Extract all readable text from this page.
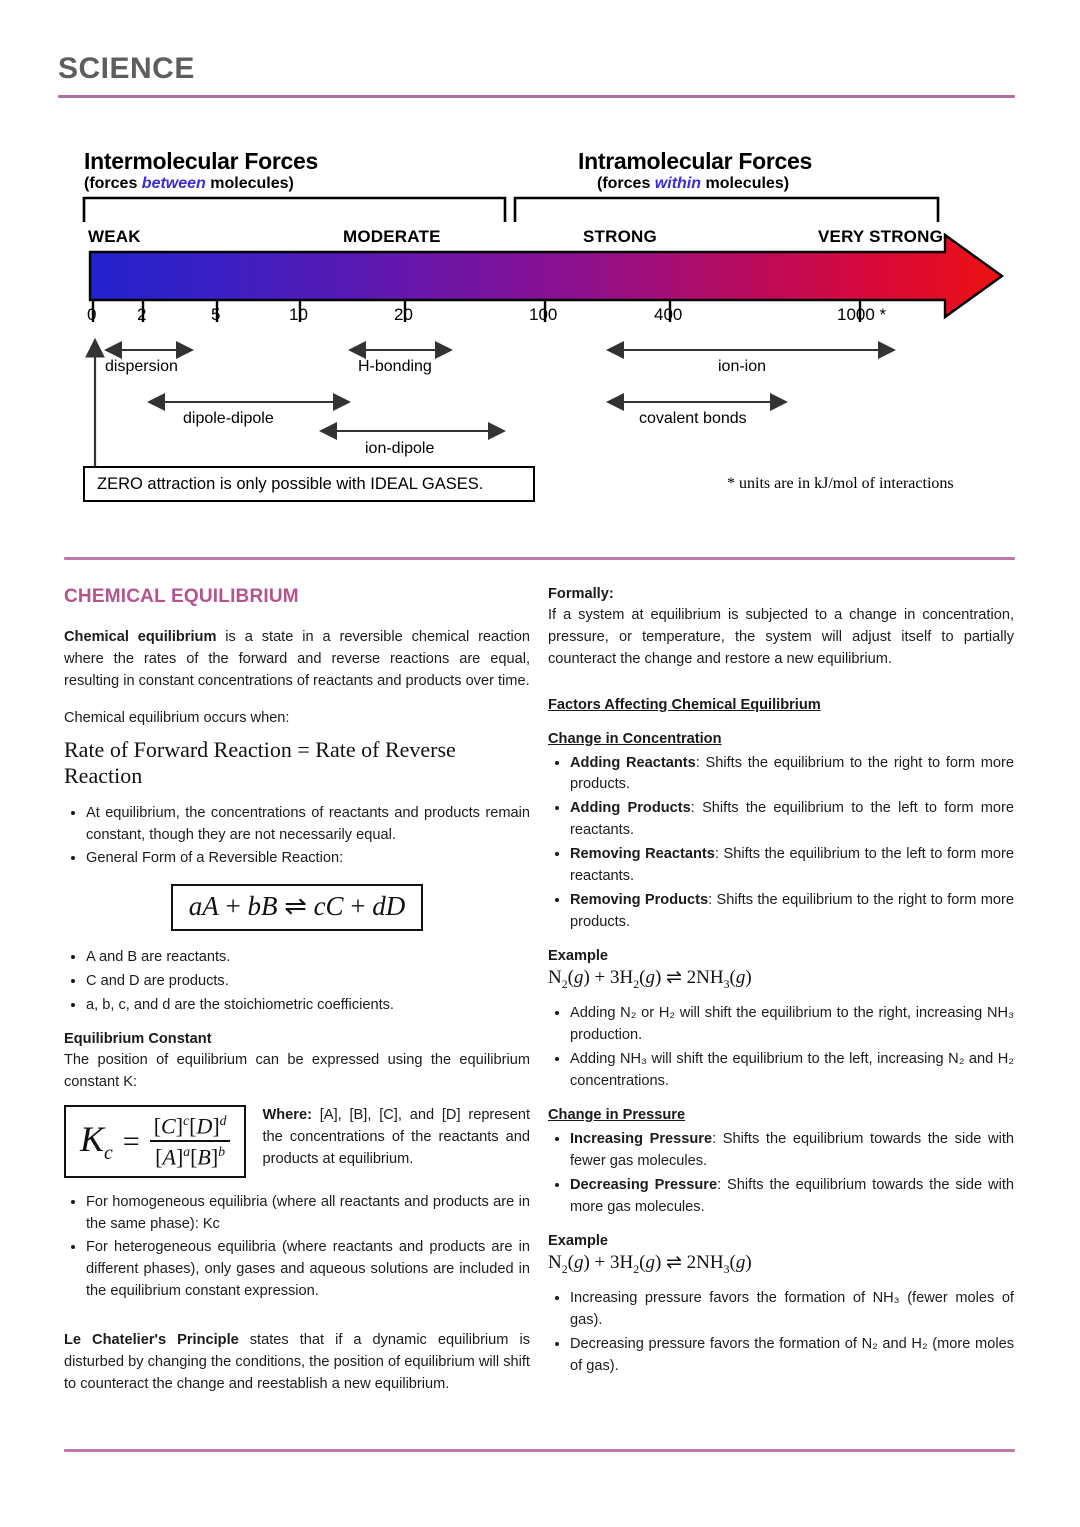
SCIENCE
Intermolecular Forces
(forces between molecules)
Intramolecular Forces
(forces within molecules)
WEAK	MODERATE	STRONG	VERY STRONG
0 2	5	10	20	100	400	1000 *
dispersion	H-bonding	ion-ion
dipole-dipole	covalent bonds
ion-dipole
ZERO attraction is only possible with IDEAL GASES.	* units are in kJ/mol of interactions
CHEMICAL EQUILIBRIUM

Chemical equilibrium is a state in a reversible chemical reaction where the rates of the forward and reverse reactions are equal, resulting in constant concentrations of reactants and products over time.

Chemical equilibrium occurs when:

Rate of Forward Reaction = Rate of Reverse Reaction
• At equilibrium, the concentrations of reactants and products remain constant, though they are not necessarily equal.
• General Form of a Reversible Reaction:
aA + bB ⇌ cC + dD
• A and B are reactants.
• C and D are products.
• a, b, c, and d are the stoichiometric coefficients.
Equilibrium Constant

The position of equilibrium can be expressed using the equilibrium constant K:

$K_c = \frac{[C]^c[D]^d}{[A]^a[B]^b}$ Where: [A], [B], [C], and [D] represent the concentrations of the reactants and products at equilibrium.
• For homogeneous equilibria (where all reactants and products are in the same phase): Kc
• For heterogeneous equilibria (where reactants and products are in different phases), only gases and aqueous solutions are included in the equilibrium constant expression.

Le Chatelier's Principle states that if a dynamic equilibrium is disturbed by changing the conditions, the position of equilibrium will shift to counteract the change and reestablish a new equilibrium.

Formally:

If a system at equilibrium is subjected to a change in concentration, pressure, or temperature, the system will adjust itself to partially counteract the change and restore a new equilibrium.

Factors Affecting Chemical Equilibrium
Change in Concentration
• Adding Reactants: Shifts the equilibrium to the right to form more products.
• Adding Products: Shifts the equilibrium to the left to form more reactants.
• Removing Reactants: Shifts the equilibrium to the left to form more reactants.
• Removing Products: Shifts the equilibrium to the right to form more products.
Example
$N_2(g) + 3H_2(g)$ ⇌ $2NH_3(g)$
• Adding N₂ or H₂ will shift the equilibrium to the right, increasing NH₃ production.
• Adding NH₃ will shift the equilibrium to the left, increasing N₂ and H₂ concentrations.
Change in Pressure
• Increasing Pressure: Shifts the equilibrium towards the side with fewer gas molecules.
• Decreasing Pressure: Shifts the equilibrium towards the side with more gas molecules.
Example
$N_2(g) + 3H_2(g)$ ⇌ $2NH_3(g)$
• Increasing pressure favors the formation of NH₃ (fewer moles of gas).
• Decreasing pressure favors the formation of N₂ and H₂ (more moles of gas).
